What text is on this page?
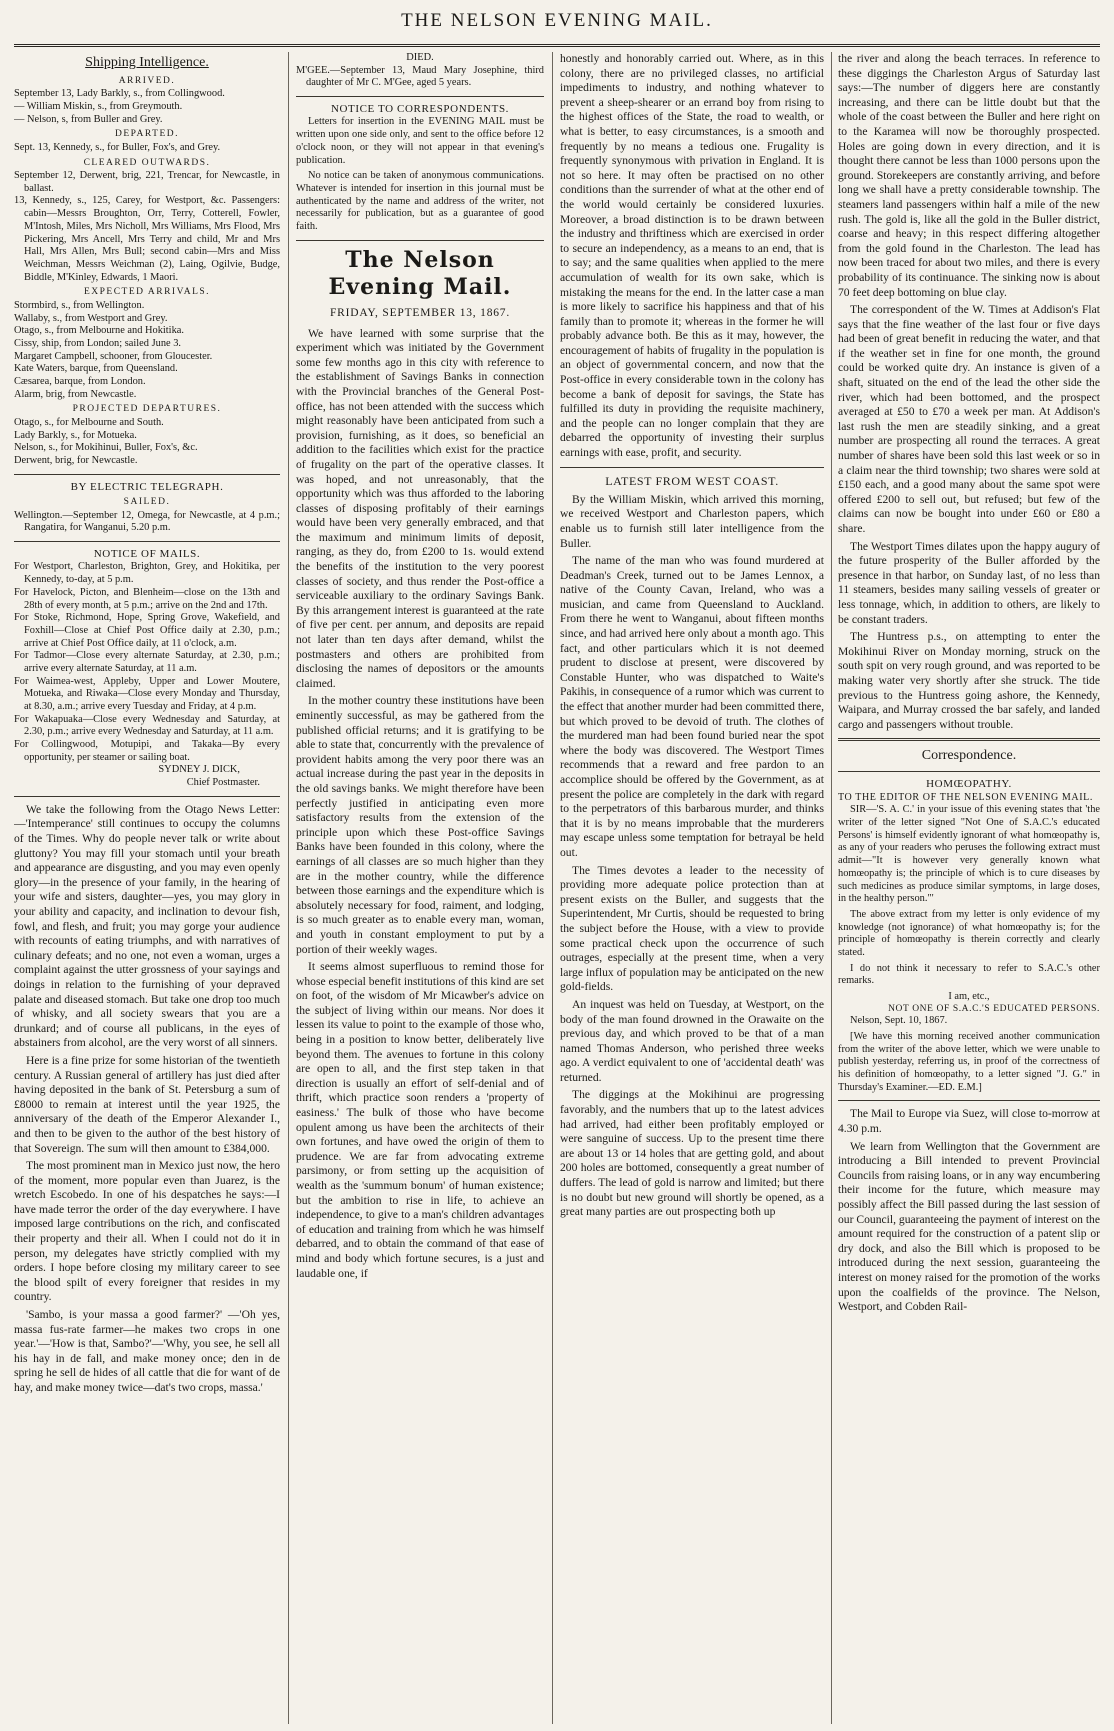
THE NELSON EVENING MAIL.
Shipping Intelligence.
ARRIVED.

September 13, Lady Barkly, s., from Collingwood.

— William Miskin, s., from Greymouth.

— Nelson, s, from Buller and Grey.

DEPARTED.

Sept. 13, Kennedy, s., for Buller, Fox's, and Grey.

CLEARED OUTWARDS.

September 12, Derwent, brig, 221, Trencar, for Newcastle, in ballast.

13, Kennedy, s., 125, Carey, for Westport, &c. Passengers: cabin—Messrs Broughton, Orr, Terry, Cotterell, Fowler, M'Intosh, Miles, Mrs Nicholl, Mrs Williams, Mrs Flood, Mrs Pickering, Mrs Ancell, Mrs Terry and child, Mr and Mrs Hall, Mrs Allen, Mrs Bull; second cabin—Mrs and Miss Weichman, Messrs Weichman (2), Laing, Ogilvie, Budge, Biddle, M'Kinley, Edwards, 1 Maori.

EXPECTED ARRIVALS.

Stormbird, s., from Wellington.

Wallaby, s., from Westport and Grey.

Otago, s., from Melbourne and Hokitika.

Cissy, ship, from London; sailed June 3.

Margaret Campbell, schooner, from Gloucester.

Kate Waters, barque, from Queensland.

Cæsarea, barque, from London.

Alarm, brig, from Newcastle.

PROJECTED DEPARTURES.

Otago, s., for Melbourne and South.

Lady Barkly, s., for Motueka.

Nelson, s., for Mokihinui, Buller, Fox's, &c.

Derwent, brig, for Newcastle.

BY ELECTRIC TELEGRAPH.
SAILED.

Wellington.—September 12, Omega, for Newcastle, at 4 p.m.; Rangatira, for Wanganui, 5.20 p.m.

NOTICE OF MAILS.

For Westport, Charleston, Brighton, Grey, and Hokitika, per Kennedy, to-day, at 5 p.m.

For Havelock, Picton, and Blenheim—close on the 13th and 28th of every month, at 5 p.m.; arrive on the 2nd and 17th.

For Stoke, Richmond, Hope, Spring Grove, Wakefield, and Foxhill—Close at Chief Post Office daily at 2.30, p.m.; arrive at Chief Post Office daily, at 11 o'clock, a.m.

For Tadmor—Close every alternate Saturday, at 2.30, p.m.; arrive every alternate Saturday, at 11 a.m.

For Waimea-west, Appleby, Upper and Lower Moutere, Motueka, and Riwaka—Close every Monday and Thursday, at 8.30, a.m.; arrive every Tuesday and Friday, at 4 p.m.

For Wakapuaka—Close every Wednesday and Saturday, at 2.30, p.m.; arrive every Wednesday and Saturday, at 11 a.m.

For Collingwood, Motupipi, and Takaka—By every opportunity, per steamer or sailing boat.

SYDNEY J. DICK,
Chief Postmaster.

We take the following from the Otago News Letter:—'Intemperance' still continues to occupy the columns of the Times. Why do people never talk or write about gluttony? You may fill your stomach until your breath and appearance are disgusting, and you may even openly glory—in the presence of your family, in the hearing of your wife and sisters, daughter—yes, you may glory in your ability and capacity, and inclination to devour fish, fowl, and flesh, and fruit; you may gorge your audience with recounts of eating triumphs, and with narratives of culinary defeats; and no one, not even a woman, urges a complaint against the utter grossness of your sayings and doings in relation to the furnishing of your depraved palate and diseased stomach. But take one drop too much of whisky, and all society swears that you are a drunkard; and of course all publicans, in the eyes of abstainers from alcohol, are the very worst of all sinners.

Here is a fine prize for some historian of the twentieth century. A Russian general of artillery has just died after having deposited in the bank of St. Petersburg a sum of £8000 to remain at interest until the year 1925, the anniversary of the death of the Emperor Alexander I., and then to be given to the author of the best history of that Sovereign. The sum will then amount to £384,000.

The most prominent man in Mexico just now, the hero of the moment, more popular even than Juarez, is the wretch Escobedo. In one of his despatches he says:—I have made terror the order of the day everywhere. I have imposed large contributions on the rich, and confiscated their property and their all. When I could not do it in person, my delegates have strictly complied with my orders. I hope before closing my military career to see the blood spilt of every foreigner that resides in my country.

'Sambo, is your massa a good farmer?' —'Oh yes, massa fus-rate farmer—he makes two crops in one year.'—'How is that, Sambo?'—'Why, you see, he sell all his hay in de fall, and make money once; den in de spring he sell de hides of all cattle that die for want of de hay, and make money twice—dat's two crops, massa.'

DIED.

M'GEE.—September 13, Maud Mary Josephine, third daughter of Mr C. M'Gee, aged 5 years.

NOTICE TO CORRESPONDENTS.

Letters for insertion in the EVENING MAIL must be written upon one side only, and sent to the office before 12 o'clock noon, or they will not appear in that evening's publication.

No notice can be taken of anonymous communications. Whatever is intended for insertion in this journal must be authenticated by the name and address of the writer, not necessarily for publication, but as a guarantee of good faith.

The Nelson Evening Mail.
FRIDAY, SEPTEMBER 13, 1867.

We have learned with some surprise that the experiment which was initiated by the Government some few months ago in this city with reference to the establishment of Savings Banks in connection with the Provincial branches of the General Post-office, has not been attended with the success which might reasonably have been anticipated from such a provision, furnishing, as it does, so beneficial an addition to the facilities which exist for the practice of frugality on the part of the operative classes. It was hoped, and not unreasonably, that the opportunity which was thus afforded to the laboring classes of disposing profitably of their earnings would have been very generally embraced, and that the maximum and minimum limits of deposit, ranging, as they do, from £200 to 1s. would extend the benefits of the institution to the very poorest classes of society, and thus render the Post-office a serviceable auxiliary to the ordinary Savings Bank. By this arrangement interest is guaranteed at the rate of five per cent. per annum, and deposits are repaid not later than ten days after demand, whilst the postmasters and others are prohibited from disclosing the names of depositors or the amounts claimed.

In the mother country these institutions have been eminently successful, as may be gathered from the published official returns; and it is gratifying to be able to state that, concurrently with the prevalence of provident habits among the very poor there was an actual increase during the past year in the deposits in the old savings banks. We might therefore have been perfectly justified in anticipating even more satisfactory results from the extension of the principle upon which these Post-office Savings Banks have been founded in this colony, where the earnings of all classes are so much higher than they are in the mother country, while the difference between those earnings and the expenditure which is absolutely necessary for food, raiment, and lodging, is so much greater as to enable every man, woman, and youth in constant employment to put by a portion of their weekly wages.

It seems almost superfluous to remind those for whose especial benefit institutions of this kind are set on foot, of the wisdom of Mr Micawber's advice on the subject of living within our means. Nor does it lessen its value to point to the example of those who, being in a position to know better, deliberately live beyond them. The avenues to fortune in this colony are open to all, and the first step taken in that direction is usually an effort of self-denial and of thrift, which practice soon renders a 'property of easiness.' The bulk of those who have become opulent among us have been the architects of their own fortunes, and have owed the origin of them to prudence. We are far from advocating extreme parsimony, or from setting up the acquisition of wealth as the 'summum bonum' of human existence; but the ambition to rise in life, to achieve an independence, to give to a man's children advantages of education and training from which he was himself debarred, and to obtain the command of that ease of mind and body which fortune secures, is a just and laudable one, if

honestly and honorably carried out. Where, as in this colony, there are no privileged classes, no artificial impediments to industry, and nothing whatever to prevent a sheep-shearer or an errand boy from rising to the highest offices of the State, the road to wealth, or what is better, to easy circumstances, is a smooth and frequently by no means a tedious one. Frugality is frequently synonymous with privation in England. It is not so here. It may often be practised on no other conditions than the surrender of what at the other end of the world would certainly be considered luxuries. Moreover, a broad distinction is to be drawn between the industry and thriftiness which are exercised in order to secure an independency, as a means to an end, that is to say; and the same qualities when applied to the mere accumulation of wealth for its own sake, which is mistaking the means for the end. In the latter case a man is more likely to sacrifice his happiness and that of his family than to promote it; whereas in the former he will probably advance both. Be this as it may, however, the encouragement of habits of frugality in the population is an object of governmental concern, and now that the Post-office in every considerable town in the colony has become a bank of deposit for savings, the State has fulfilled its duty in providing the requisite machinery, and the people can no longer complain that they are debarred the opportunity of investing their surplus earnings with ease, profit, and security.

LATEST FROM WEST COAST.

By the William Miskin, which arrived this morning, we received Westport and Charleston papers, which enable us to furnish still later intelligence from the Buller.

The name of the man who was found murdered at Deadman's Creek, turned out to be James Lennox, a native of the County Cavan, Ireland, who was a musician, and came from Queensland to Auckland. From there he went to Wanganui, about fifteen months since, and had arrived here only about a month ago. This fact, and other particulars which it is not deemed prudent to disclose at present, were discovered by Constable Hunter, who was dispatched to Waite's Pakihis, in consequence of a rumor which was current to the effect that another murder had been committed there, but which proved to be devoid of truth. The clothes of the murdered man had been found buried near the spot where the body was discovered. The Westport Times recommends that a reward and free pardon to an accomplice should be offered by the Government, as at present the police are completely in the dark with regard to the perpetrators of this barbarous murder, and thinks that it is by no means improbable that the murderers may escape unless some temptation for betrayal be held out.

The Times devotes a leader to the necessity of providing more adequate police protection than at present exists on the Buller, and suggests that the Superintendent, Mr Curtis, should be requested to bring the subject before the House, with a view to provide some practical check upon the occurrence of such outrages, especially at the present time, when a very large influx of population may be anticipated on the new gold-fields.

An inquest was held on Tuesday, at Westport, on the body of the man found drowned in the Orawaite on the previous day, and which proved to be that of a man named Thomas Anderson, who perished three weeks ago. A verdict equivalent to one of 'accidental death' was returned.

The diggings at the Mokihinui are progressing favorably, and the numbers that up to the latest advices had arrived, had either been profitably employed or were sanguine of success. Up to the present time there are about 13 or 14 holes that are getting gold, and about 200 holes are bottomed, consequently a great number of duffers. The lead of gold is narrow and limited; but there is no doubt but new ground will shortly be opened, as a great many parties are out prospecting both up

the river and along the beach terraces. In reference to these diggings the Charleston Argus of Saturday last says:—The number of diggers here are constantly increasing, and there can be little doubt but that the whole of the coast between the Buller and here right on to the Karamea will now be thoroughly prospected. Holes are going down in every direction, and it is thought there cannot be less than 1000 persons upon the ground. Storekeepers are constantly arriving, and before long we shall have a pretty considerable township. The steamers land passengers within half a mile of the new rush. The gold is, like all the gold in the Buller district, coarse and heavy; in this respect differing altogether from the gold found in the Charleston. The lead has now been traced for about two miles, and there is every probability of its continuance. The sinking now is about 70 feet deep bottoming on blue clay.

The correspondent of the W. Times at Addison's Flat says that the fine weather of the last four or five days had been of great benefit in reducing the water, and that if the weather set in fine for one month, the ground could be worked quite dry. An instance is given of a shaft, situated on the end of the lead the other side the river, which had been bottomed, and the prospect averaged at £50 to £70 a week per man. At Addison's last rush the men are steadily sinking, and a great number are prospecting all round the terraces. A great number of shares have been sold this last week or so in a claim near the third township; two shares were sold at £150 each, and a good many about the same spot were offered £200 to sell out, but refused; but few of the claims can now be bought into under £60 or £80 a share.

The Westport Times dilates upon the happy augury of the future prosperity of the Buller afforded by the presence in that harbor, on Sunday last, of no less than 11 steamers, besides many sailing vessels of greater or less tonnage, which, in addition to others, are likely to be constant traders.

The Huntress p.s., on attempting to enter the Mokihinui River on Monday morning, struck on the south spit on very rough ground, and was reported to be making water very shortly after she struck. The tide previous to the Huntress going ashore, the Kennedy, Waipara, and Murray crossed the bar safely, and landed cargo and passengers without trouble.

Correspondence.
HOMŒOPATHY.
TO THE EDITOR OF THE NELSON EVENING MAIL.

SIR—'S. A. C.' in your issue of this evening states that 'the writer of the letter signed "Not One of S.A.C.'s educated Persons' is himself evidently ignorant of what homœopathy is, as any of your readers who peruses the following extract must admit—"It is however very generally known what homœopathy is; the principle of which is to cure diseases by such medicines as produce similar symptoms, in large doses, in the healthy person."'

The above extract from my letter is only evidence of my knowledge (not ignorance) of what homœopathy is; for the principle of homœopathy is therein correctly and clearly stated.

I do not think it necessary to refer to S.A.C.'s other remarks.

I am, etc.,
NOT ONE OF S.A.C.'S EDUCATED PERSONS.

Nelson, Sept. 10, 1867.

[We have this morning received another communication from the writer of the above letter, which we were unable to publish yesterday, referring us, in proof of the correctness of his definition of homœopathy, to a letter signed "J. G." in Thursday's Examiner.—ED. E.M.]

The Mail to Europe via Suez, will close to-morrow at 4.30 p.m.

We learn from Wellington that the Government are introducing a Bill intended to prevent Provincial Councils from raising loans, or in any way encumbering their income for the future, which measure may possibly affect the Bill passed during the last session of our Council, guaranteeing the payment of interest on the amount required for the construction of a patent slip or dry dock, and also the Bill which is proposed to be introduced during the next session, guaranteeing the interest on money raised for the promotion of the works upon the coalfields of the province. The Nelson, Westport, and Cobden Rail-
